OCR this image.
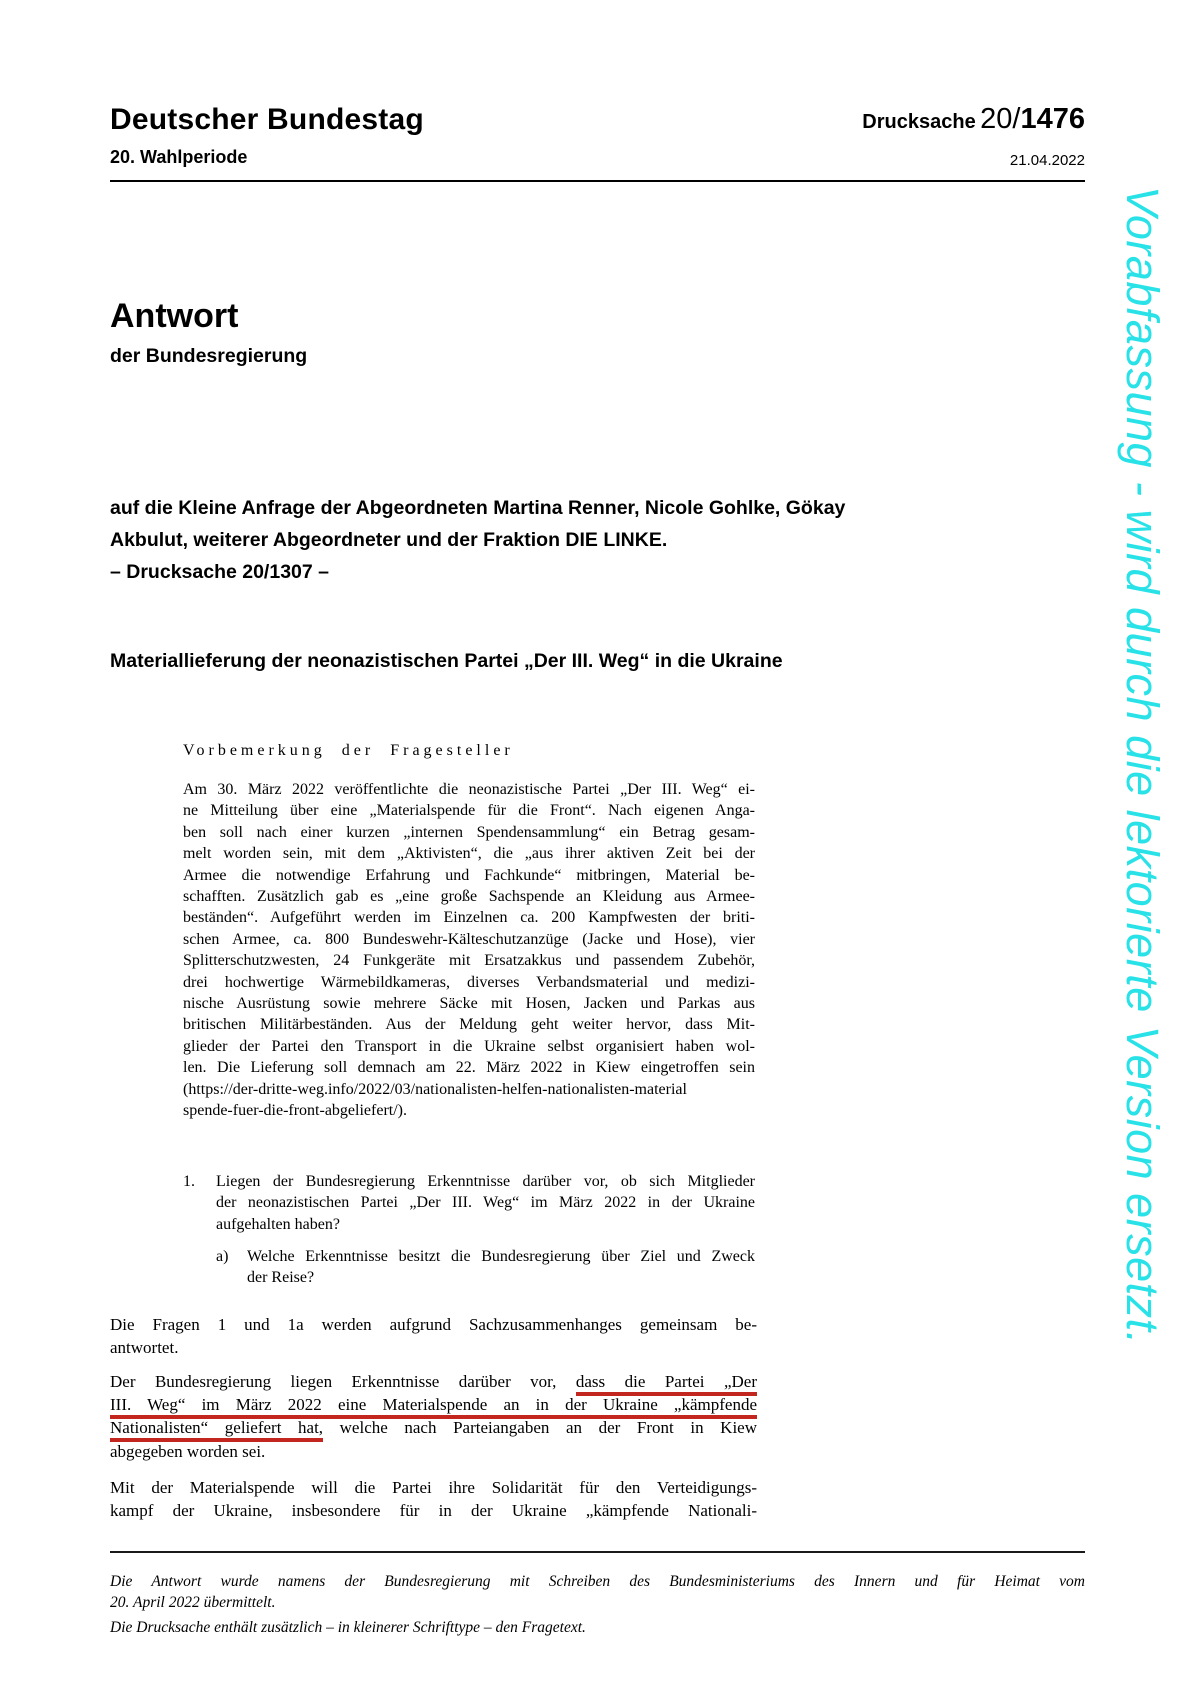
Deutscher Bundestag
20. Wahlperiode
Drucksache 20/1476
21.04.2022
Vorabfassung - wird durch die lektorierte Version ersetzt.
Antwort
der Bundesregierung
auf die Kleine Anfrage der Abgeordneten Martina Renner, Nicole Gohlke, Gökay
Akbulut, weiterer Abgeordneter und der Fraktion DIE LINKE.
– Drucksache 20/1307 –
Materiallieferung der neonazistischen Partei „Der III. Weg“ in die Ukraine
Vorbemerkung der Fragesteller
Am 30. März 2022 veröffentlichte die neonazistische Partei „Der III. Weg“ ei-
ne Mitteilung über eine „Materialspende für die Front“. Nach eigenen Anga-
ben soll nach einer kurzen „internen Spendensammlung“ ein Betrag gesam-
melt worden sein, mit dem „Aktivisten“, die „aus ihrer aktiven Zeit bei der
Armee die notwendige Erfahrung und Fachkunde“ mitbringen, Material be-
schafften. Zusätzlich gab es „eine große Sachspende an Kleidung aus Armee-
beständen“. Aufgeführt werden im Einzelnen ca. 200 Kampfwesten der briti-
schen Armee, ca. 800 Bundeswehr-Kälteschutzanzüge (Jacke und Hose), vier
Splitterschutzwesten, 24 Funkgeräte mit Ersatzakkus und passendem Zubehör,
drei hochwertige Wärmebildkameras, diverses Verbandsmaterial und medizi-
nische Ausrüstung sowie mehrere Säcke mit Hosen, Jacken und Parkas aus
britischen Militärbeständen. Aus der Meldung geht weiter hervor, dass Mit-
glieder der Partei den Transport in die Ukraine selbst organisiert haben wol-
len. Die Lieferung soll demnach am 22. März 2022 in Kiew eingetroffen sein
(https://der-dritte-weg.info/2022/03/nationalisten-helfen-nationalisten-material
spende-fuer-die-front-abgeliefert/).
1. Liegen der Bundesregierung Erkenntnisse darüber vor, ob sich Mitglieder
der neonazistischen Partei „Der III. Weg“ im März 2022 in der Ukraine
aufgehalten haben?
a) Welche Erkenntnisse besitzt die Bundesregierung über Ziel und Zweck
der Reise?
Die Fragen 1 und 1a werden aufgrund Sachzusammenhanges gemeinsam be-
antwortet.
Der Bundesregierung liegen Erkenntnisse darüber vor, dass die Partei „Der
III. Weg“ im März 2022 eine Materialspende an in der Ukraine „kämpfende
Nationalisten“ geliefert hat, welche nach Parteiangaben an der Front in Kiew
abgegeben worden sei.
Mit der Materialspende will die Partei ihre Solidarität für den Verteidigungs-
kampf der Ukraine, insbesondere für in der Ukraine „kämpfende Nationali-
Die Antwort wurde namens der Bundesregierung mit Schreiben des Bundesministeriums des Innern und für Heimat vom
20. April 2022 übermittelt.
Die Drucksache enthält zusätzlich – in kleinerer Schrifttype – den Fragetext.
